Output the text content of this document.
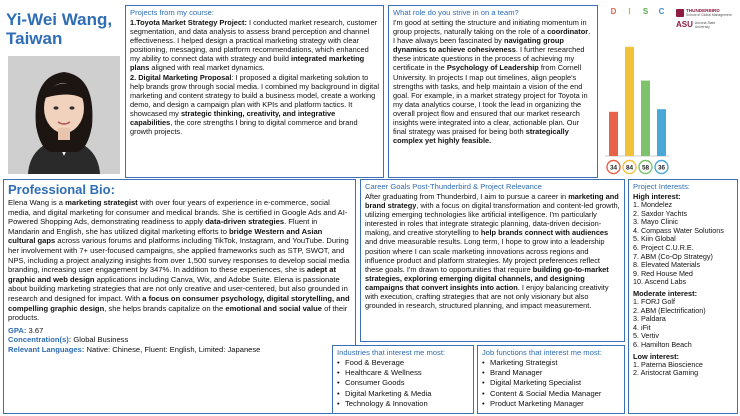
Yi-Wei Wang,
Taiwan
Projects from my course:

1.Toyota Market Strategy Project: I conducted market research, customer segmentation, and data analysis to assess brand perception and channel effectiveness. I helped design a practical marketing strategy with clear positioning, messaging, and platform recommendations, which enhanced my ability to connect data with strategy and build integrated marketing plans aligned with real market dynamics.

2. Digital Marketing Proposal: I proposed a digital marketing solution to help brands grow through social media. I combined my background in digital marketing and content strategy to build a business model, create a working demo, and design a campaign plan with KPIs and platform tactics. It showcased my strategic thinking, creativity, and integrative capabilities, the core strengths I bring to digital commerce and brand growth projects.

What role do you strive in on a team?

I'm good at setting the structure and initiating momentum in group projects, naturally taking on the role of a coordinator. I have always been fascinated by navigating group dynamics to achieve cohesiveness. I further researched these intricate questions in the process of achieving my certificate in the Psychology of Leadership from Cornell University. In projects I map out timelines, align people's strengths with tasks, and help maintain a vision of the end goal. For example, in a market strategy project for Toyota in my data analytics course, I took the lead in organizing the overall project flow and ensured that our market research insights were integrated into a clear, actionable plan. Our final strategy was praised for being both strategically complex yet highly feasible.

D I S C
34 84 58 36
THUNDERBIRD
School of Global Management
ASU Arizona State University
Professional Bio:

Elena Wang is a marketing strategist with over four years of experience in e-commerce, social media, and digital marketing for consumer and medical brands. She is certified in Google Ads and AI-Powered Shopping Ads, demonstrating readiness to apply data-driven strategies. Fluent in Mandarin and English, she has utilized digital marketing efforts to bridge Western and Asian cultural gaps across various forums and platforms including TikTok, Instagram, and YouTube. During her involvement with 7+ user-focused campaigns, she applied frameworks such as STP, SWOT, and NPS, including a project analyzing insights from over 1,500 survey responses to develop social media branding, increasing user engagement by 347%. In addition to these experiences, she is adept at graphic and web design applications including Canva, Wix, and Adobe Suite. Elena is passionate about building marketing strategies that are not only creative and user-centered, but also grounded in research and designed for impact. With a focus on consumer psychology, digital storytelling, and compelling graphic design, she helps brands capitalize on the emotional and social value of their products.

GPA: 3.67

Concentration(s): Global Business

Relevant Languages: Native: Chinese, Fluent: English, Limited: Japanese

Career Goals Post-Thunderbird & Project Relevance

After graduating from Thunderbird, I aim to pursue a career in marketing and brand strategy, with a focus on digital transformation and content-led growth, utilizing emerging technologies like artificial intelligence. I'm particularly interested in roles that integrate strategic planning, data-driven decision-making, and creative storytelling to help brands connect with audiences and drive measurable results. Long term, I hope to grow into a leadership position where I can scale marketing innovations across regions and influence product and platform strategies. My project preferences reflect these goals. I'm drawn to opportunities that require building go-to-market strategies, exploring emerging digital channels, and designing campaigns that convert insights into action. I enjoy balancing creativity with execution, crafting strategies that are not only visionary but also grounded in research, structured planning, and impact measurement.

Industries that interest me most:
• Food & Beverage
• Healthcare & Wellness
• Consumer Goods
• Digital Marketing & Media
• Technology & Innovation
Job functions that interest me most:
• Marketing Strategist
• Brand Manager
• Digital Marketing Specialist
• Content & Social Media Manager
• Product Marketing Manager
Project Interests:
High interest:
1. Mondelez
2. Saxdor Yachts
3. Mayo Clinic
4. Compass Water Solutions
5. Kiin Global
6. Project C.U.R.E.
7. ABM (Co-Op Strategy)
8. Elevated Materials
9. Red House Med
10. Ascend Labs
Moderate interest:
1. FORJ Golf
2. ABM (Electrification)
3. Paldara
4. iFit
5. Vertiv
6. Hamilton Beach
Low interest:
1. Paterna Bioscience
2. Aristocrat Gaming
